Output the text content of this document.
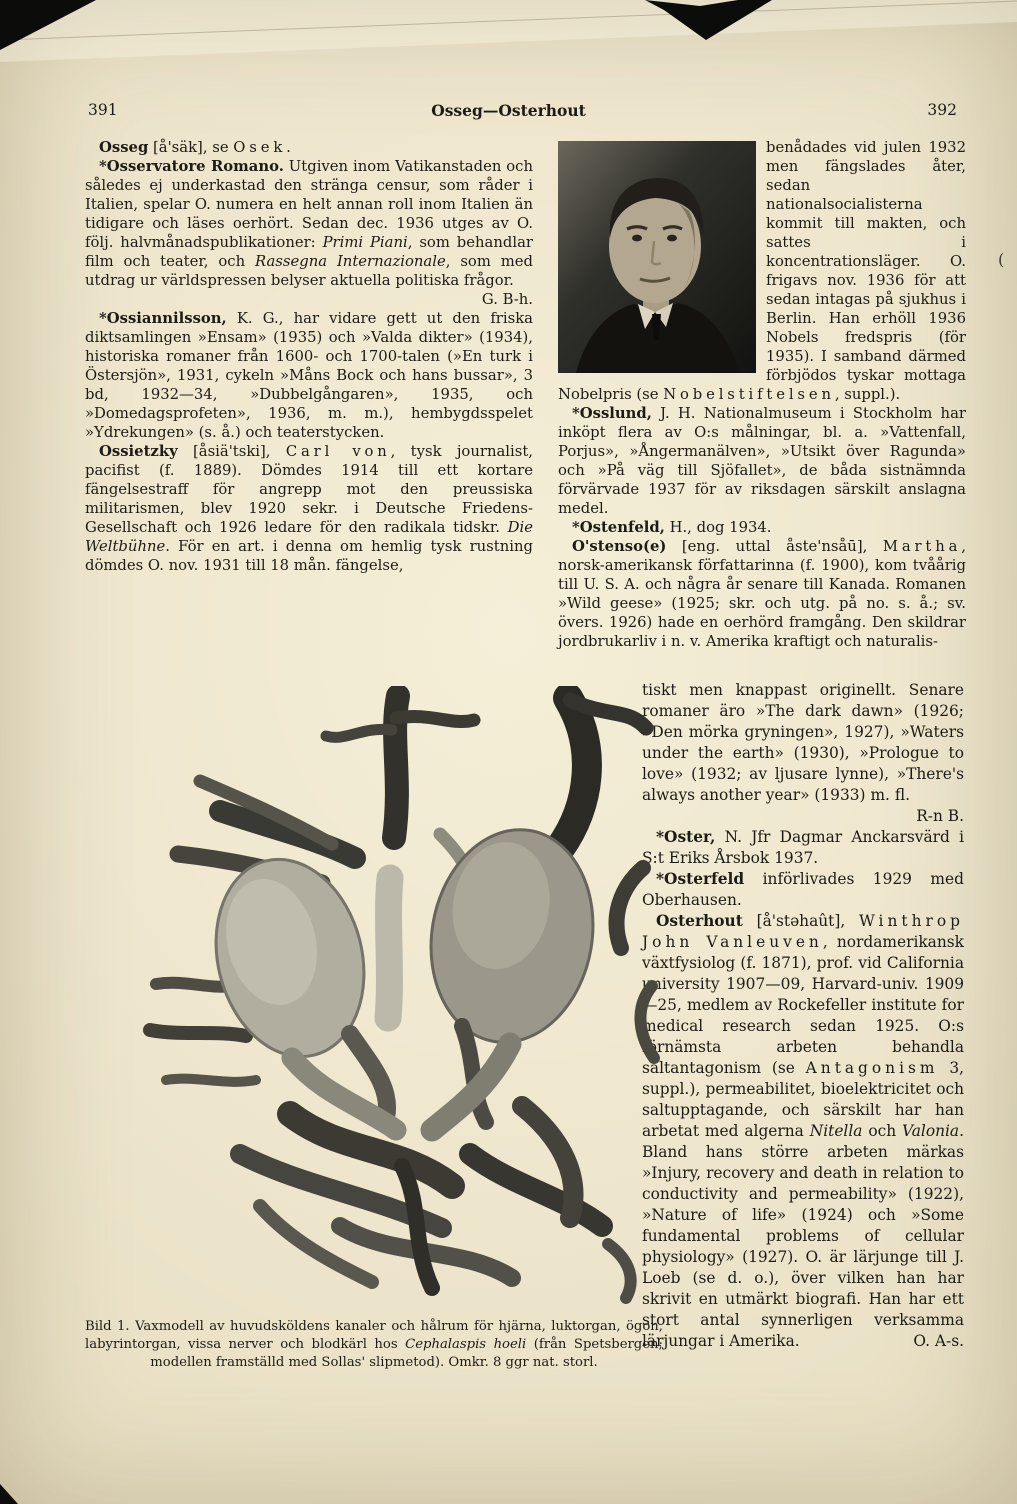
391	Osseg—Osterhout	392
(

Osseg [å'säk], se Osek.

*Osservatore Romano. Utgiven inom Vatikanstaden och således ej underkastad den stränga censur, som råder i Italien, spelar O. numera en helt annan roll inom Italien än tidigare och läses oerhört. Sedan dec. 1936 utges av O. följ. halvmånadspublikationer: Primi Piani, som behandlar film och teater, och Rassegna Internazionale, som med utdrag ur världspressen belyser aktuella politiska frågor.
G. B-h.

*Ossiannilsson, K. G., har vidare gett ut den friska diktsamlingen »Ensam» (1935) och »Valda dikter» (1934), historiska romaner från 1600- och 1700-talen (»En turk i Östersjön», 1931, cykeln »Måns Bock och hans bussar», 3 bd, 1932—34, »Dubbelgångaren», 1935, och »Domedagsprofeten», 1936, m. m.), hembygdsspelet »Ydrekungen» (s. å.) och teaterstycken.

Ossietzky [åsiä'tski], Carl von, tysk journalist, pacifist (f. 1889). Dömdes 1914 till ett kortare fängelsestraff för angrepp mot den preussiska militarismen, blev 1920 sekr. i Deutsche Friedens-Gesellschaft och 1926 ledare för den radikala tidskr. Die Weltbühne. För en art. i denna om hemlig tysk rustning dömdes O. nov. 1931 till 18 mån. fängelse,

benådades vid julen 1932 men fängslades åter, sedan nationalsocialisterna kommit till makten, och sattes i koncentrationsläger. O. frigavs nov. 1936 för att sedan intagas på sjukhus i Berlin. Han erhöll 1936 Nobels fredspris (för 1935). I samband därmed förbjödos tyskar mottaga Nobelpris (se Nobelstiftelsen, suppl.).

*Osslund, J. H. Nationalmuseum i Stockholm har inköpt flera av O:s målningar, bl. a. »Vattenfall, Porjus», »Ångermanälven», »Utsikt över Ragunda» och »På väg till Sjöfallet», de båda sistnämnda förvärvade 1937 för av riksdagen särskilt anslagna medel.

*Ostenfeld, H., dog 1934.

O'stenso(e) [eng. uttal åste'nsåū], Martha, norsk-amerikansk författarinna (f. 1900), kom tvåårig till U. S. A. och några år senare till Kanada. Romanen »Wild geese» (1925; skr. och utg. på no. s. å.; sv. övers. 1926) hade en oerhörd framgång. Den skildrar jordbrukarliv i n. v. Amerika kraftigt och naturalis-

tiskt men knappast originellt. Senare romaner äro »The dark dawn» (1926; »Den mörka gryningen», 1927), »Waters under the earth» (1930), »Prologue to love» (1932; av ljusare lynne), »There's always another year» (1933) m. fl.
R-n B.

*Oster, N. Jfr Dagmar Anckarsvärd i S:t Eriks Årsbok 1937.

*Osterfeld införlivades 1929 med Oberhausen.

Osterhout [å'stəhaût], Winthrop John Vanleuven, nordamerikansk växtfysiolog (f. 1871), prof. vid California university 1907—09, Harvard-univ. 1909—25, medlem av Rockefeller institute for medical research sedan 1925. O:s förnämsta arbeten behandla saltantagonism (se Antagonism 3, suppl.), permeabilitet, bioelektricitet och saltupptagande, och särskilt har han arbetat med algerna Nitella och Valonia. Bland hans större arbeten märkas »Injury, recovery and death in relation to conductivity and permeability» (1922), »Nature of life» (1924) och »Some fundamental problems of cellular physiology» (1927). O. är lärjunge till J. Loeb (se d. o.), över vilken han har skrivit en utmärkt biografi. Han har ett stort antal synnerligen verksamma lärjungar i Amerika.	O. A-s.

Bild 1. Vaxmodell av huvudsköldens kanaler och hålrum för hjärna, luktorgan, ögon, labyrintorgan, vissa nerver och blodkärl hos Cephalaspis hoeli (från Spetsbergen; modellen framställd med Sollas' slipmetod). Omkr. 8 ggr nat. storl.
